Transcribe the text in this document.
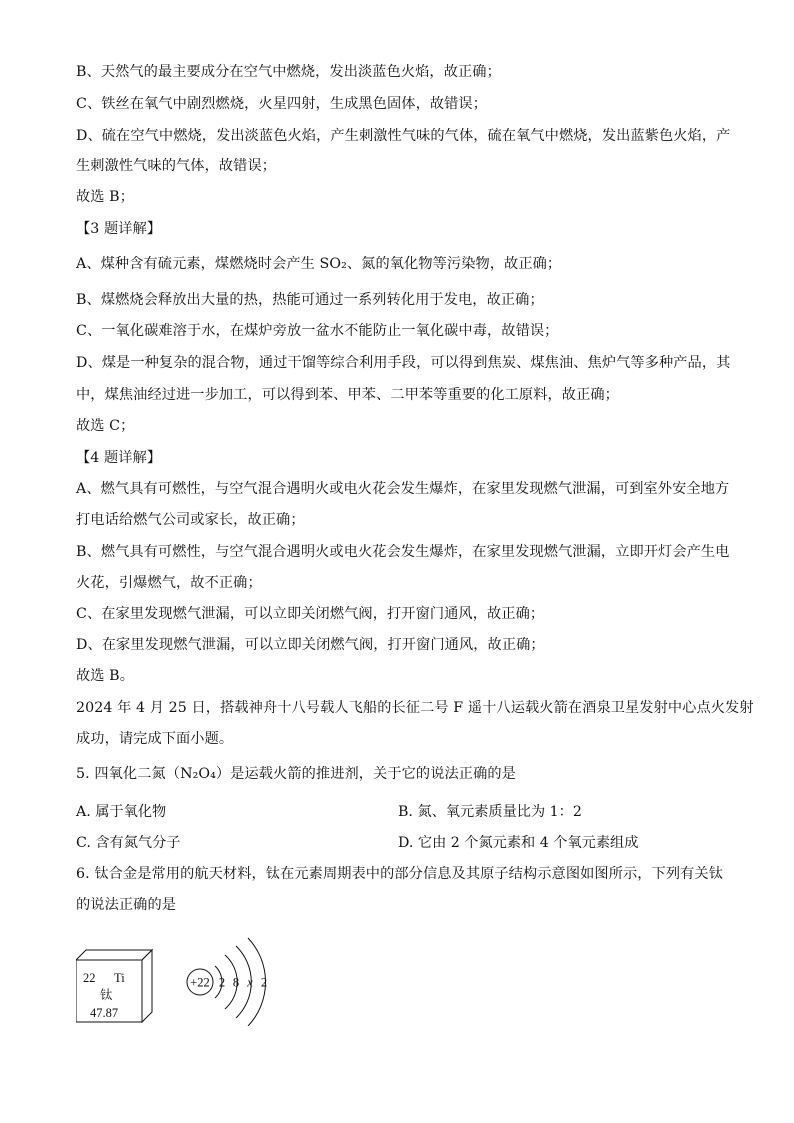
B、天然气的最主要成分在空气中燃烧，发出淡蓝色火焰，故正确；
C、铁丝在氧气中剧烈燃烧，火星四射，生成黑色固体，故错误；
D、硫在空气中燃烧，发出淡蓝色火焰，产生刺激性气味的气体，硫在氧气中燃烧，发出蓝紫色火焰，产
生刺激性气味的气体，故错误；
故选 B；
【3 题详解】
A、煤种含有硫元素，煤燃烧时会产生 SO₂、氮的氧化物等污染物，故正确；
B、煤燃烧会释放出大量的热，热能可通过一系列转化用于发电，故正确；
C、一氧化碳难溶于水，在煤炉旁放一盆水不能防止一氧化碳中毒，故错误；
D、煤是一种复杂的混合物，通过干馏等综合利用手段，可以得到焦炭、煤焦油、焦炉气等多种产品，其
中，煤焦油经过进一步加工，可以得到苯、甲苯、二甲苯等重要的化工原料，故正确；
故选 C；
【4 题详解】
A、燃气具有可燃性，与空气混合遇明火或电火花会发生爆炸，在家里发现燃气泄漏，可到室外安全地方
打电话给燃气公司或家长，故正确；
B、燃气具有可燃性，与空气混合遇明火或电火花会发生爆炸，在家里发现燃气泄漏，立即开灯会产生电
火花，引爆燃气，故不正确；
C、在家里发现燃气泄漏，可以立即关闭燃气阀，打开窗门通风，故正确；
D、在家里发现燃气泄漏，可以立即关闭燃气阀，打开窗门通风，故正确；
故选 B。
2024 年 4 月 25 日，搭载神舟十八号载人飞船的长征二号 F 遥十八运载火箭在酒泉卫星发射中心点火发射
成功，请完成下面小题。
5. 四氧化二氮（N₂O₄）是运载火箭的推进剂，关于它的说法正确的是
A. 属于氧化物	B. 氮、氧元素质量比为 1：2
C. 含有氮气分子	D. 它由 2 个氮元素和 4 个氧元素组成
6. 钛合金是常用的航天材料，钛在元素周期表中的部分信息及其原子结构示意图如图所示，下列有关钛
的说法正确的是
22 Ti
钛
47.87
+22 2 8 x 2
